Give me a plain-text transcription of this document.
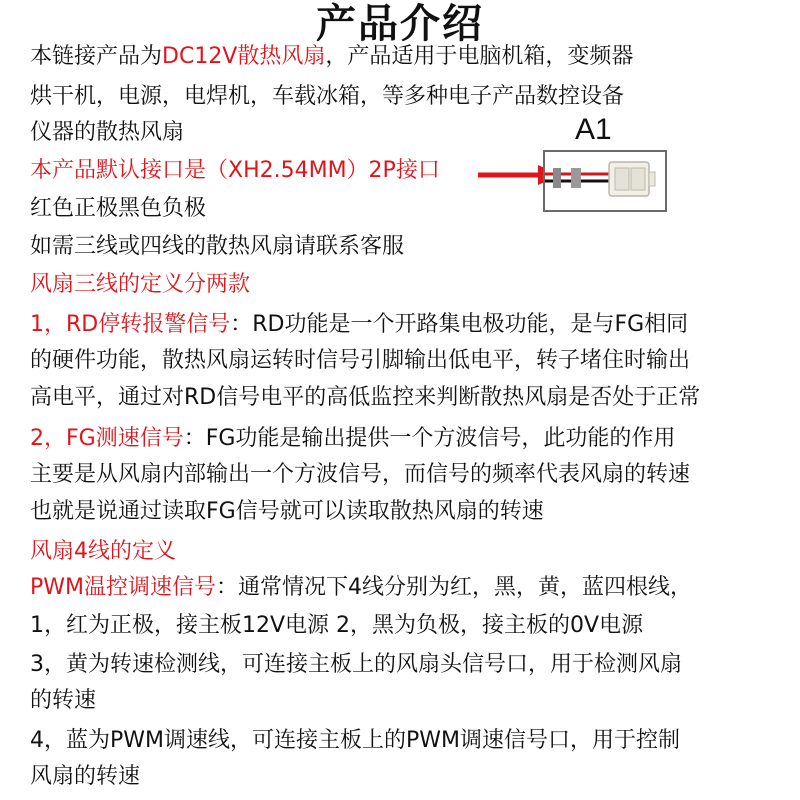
产品介绍
本链接产品为DC12V散热风扇，产品适用于电脑机箱，变频器
烘干机，电源，电焊机，车载冰箱，等多种电子产品数控设备
仪器的散热风扇
本产品默认接口是（XH2.54MM）2P接口
红色正极黑色负极
如需三线或四线的散热风扇请联系客服
风扇三线的定义分两款
1，RD停转报警信号：RD功能是一个开路集电极功能，是与FG相同
的硬件功能，散热风扇运转时信号引脚输出低电平，转子堵住时输出
高电平，通过对RD信号电平的高低监控来判断散热风扇是否处于正常
2，FG测速信号：FG功能是输出提供一个方波信号，此功能的作用
主要是从风扇内部输出一个方波信号，而信号的频率代表风扇的转速
也就是说通过读取FG信号就可以读取散热风扇的转速
风扇4线的定义
PWM温控调速信号：通常情况下4线分别为红，黑，黄，蓝四根线，
1，红为正极，接主板12V电源 2，黑为负极，接主板的0V电源
3，黄为转速检测线，可连接主板上的风扇头信号口，用于检测风扇
的转速
4，蓝为PWM调速线，可连接主板上的PWM调速信号口，用于控制
风扇的转速
A1
